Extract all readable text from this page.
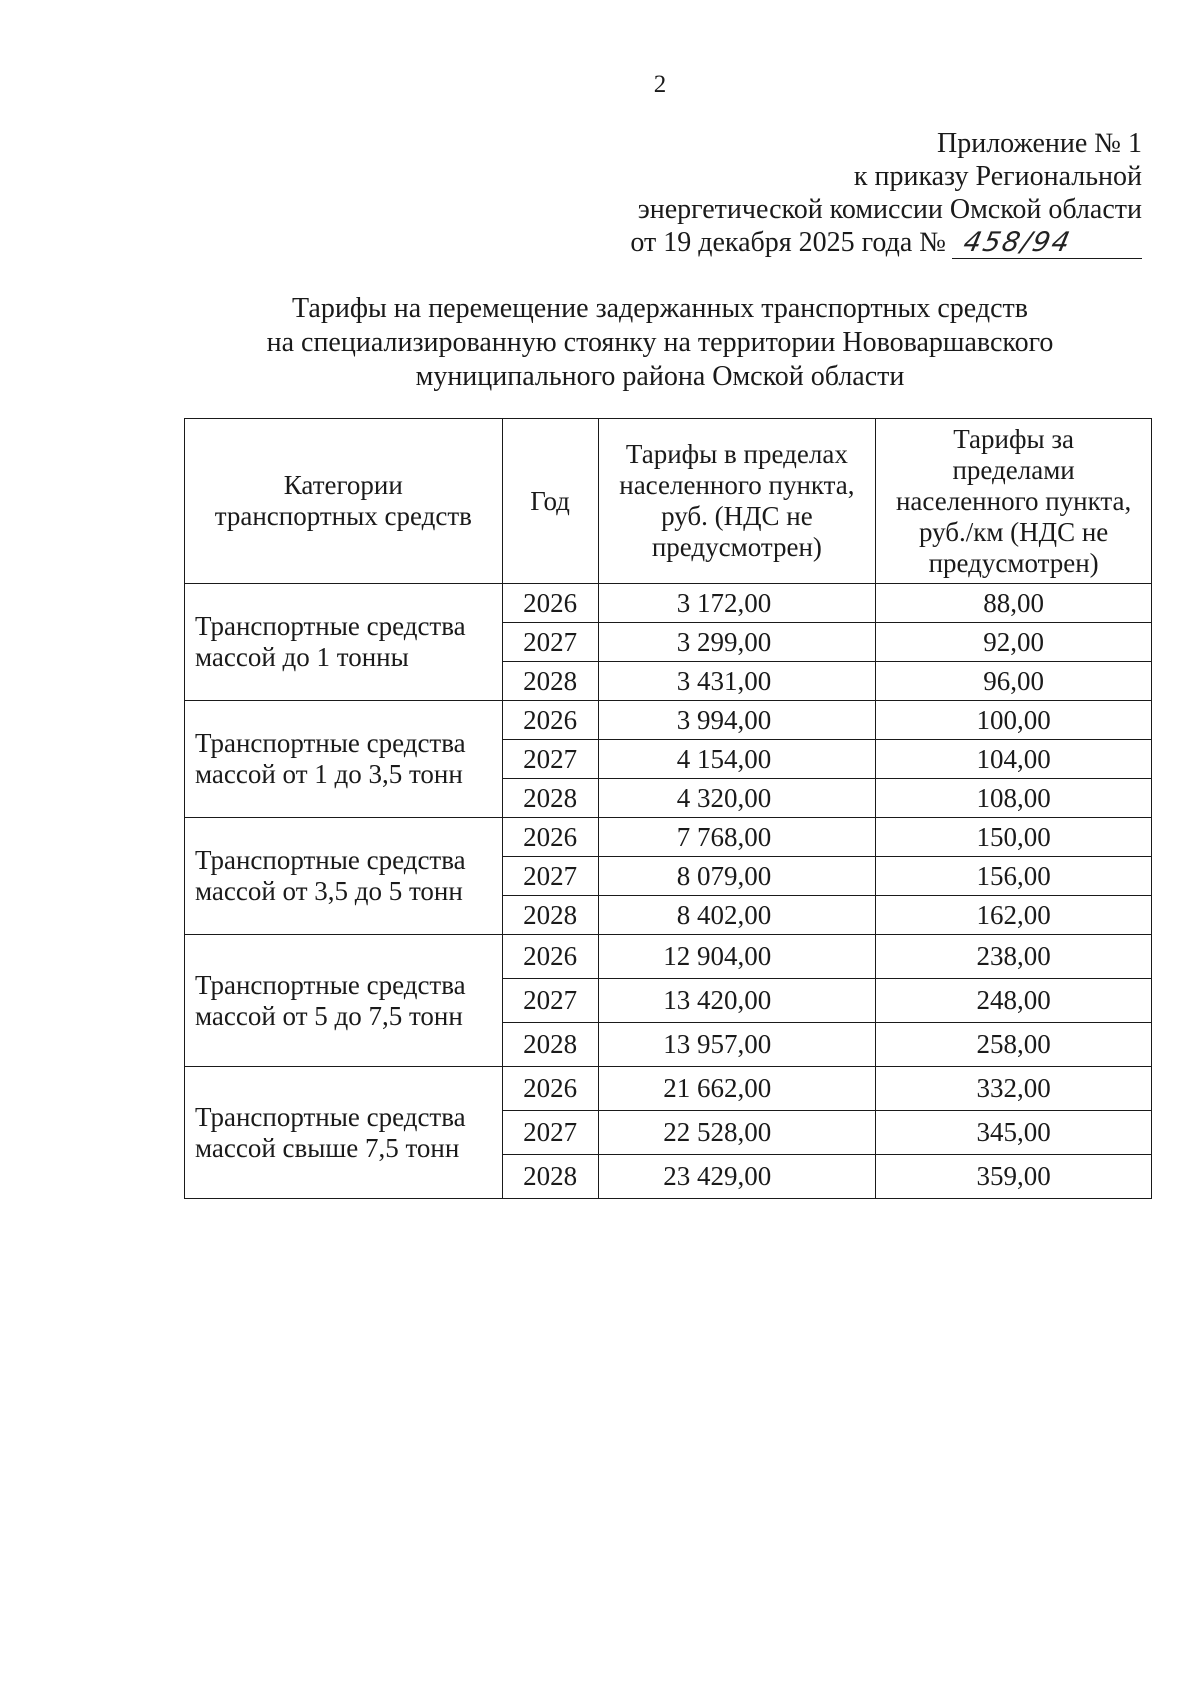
2
Приложение № 1
к приказу Региональной
энергетической комиссии Омской области
от 19 декабря 2025 года № 458/94
Тарифы на перемещение задержанных транспортных средств
на специализированную стоянку на территории Нововаршавского
муниципального района Омской области
Категории
транспортных средств	Год	Тарифы в пределах
населенного пункта,
руб. (НДС не
предусмотрен)	Тарифы за
пределами
населенного пункта,
руб./км (НДС не
предусмотрен)

Транспортные средства
массой до 1 тонны	2026	3 172,00	88,00
	2027	3 299,00	92,00
	2028	3 431,00	96,00

Транспортные средства
массой от 1 до 3,5 тонн	2026	3 994,00	100,00
	2027	4 154,00	104,00
	2028	4 320,00	108,00

Транспортные средства
массой от 3,5 до 5 тонн	2026	7 768,00	150,00
	2027	8 079,00	156,00
	2028	8 402,00	162,00

Транспортные средства
массой от 5 до 7,5 тонн	2026	12 904,00	238,00
	2027	13 420,00	248,00
	2028	13 957,00	258,00

Транспортные средства
массой свыше 7,5 тонн	2026	21 662,00	332,00
	2027	22 528,00	345,00
	2028	23 429,00	359,00
